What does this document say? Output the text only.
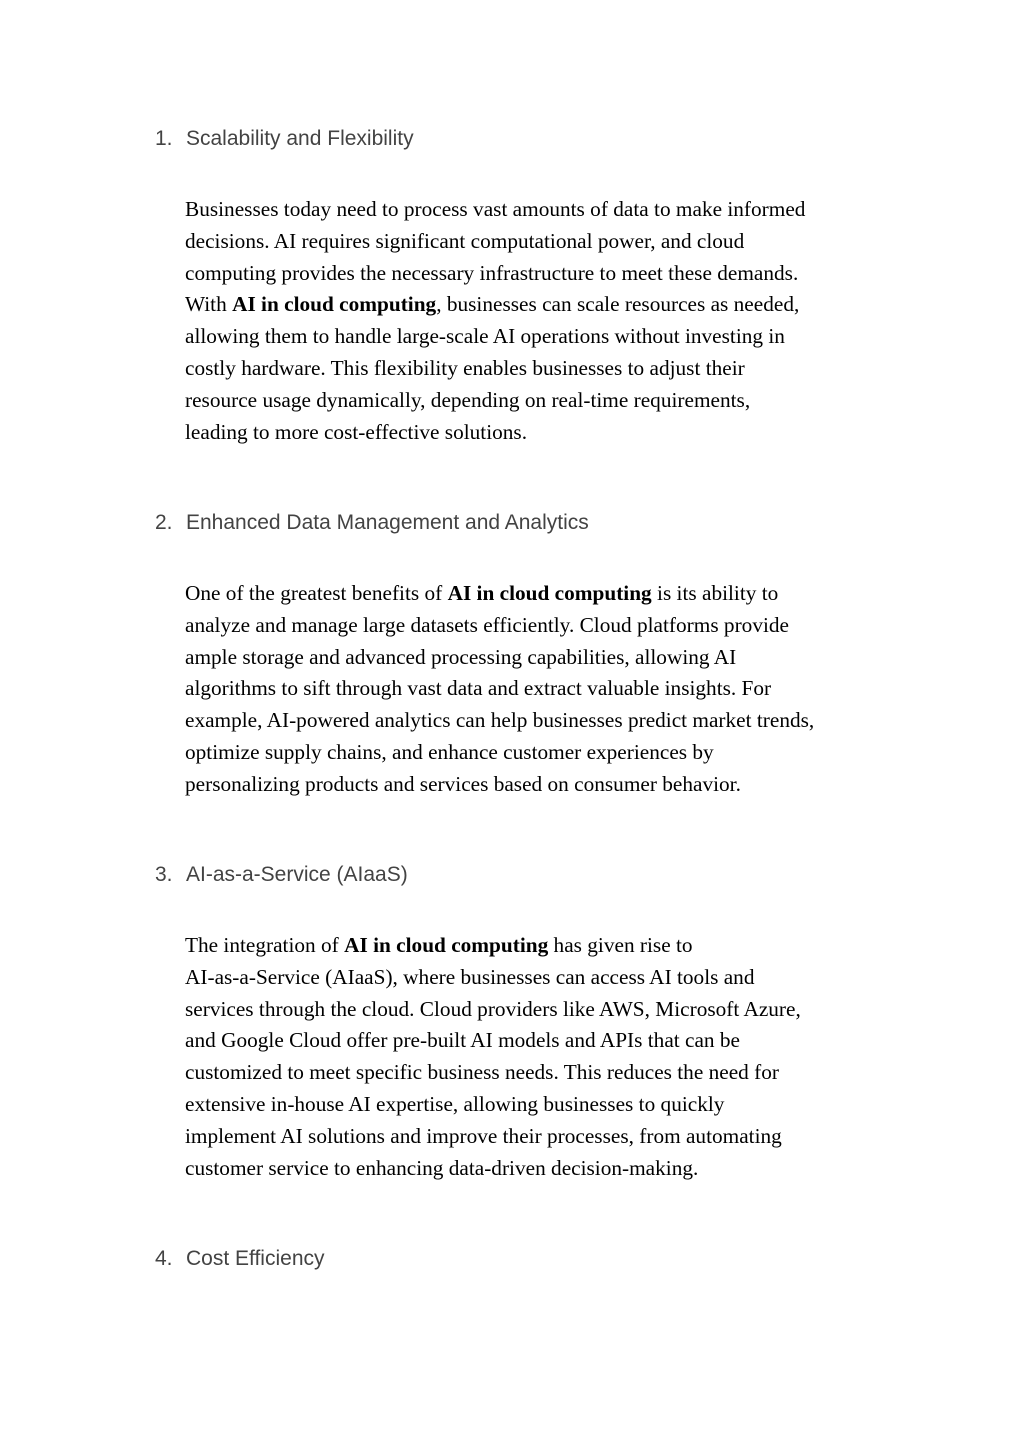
1. Scalability and Flexibility
Businesses today need to process vast amounts of data to make informed
decisions. AI requires significant computational power, and cloud
computing provides the necessary infrastructure to meet these demands.
With AI in cloud computing, businesses can scale resources as needed,
allowing them to handle large-scale AI operations without investing in
costly hardware. This flexibility enables businesses to adjust their
resource usage dynamically, depending on real-time requirements,
leading to more cost-effective solutions.
2. Enhanced Data Management and Analytics
One of the greatest benefits of AI in cloud computing is its ability to
analyze and manage large datasets efficiently. Cloud platforms provide
ample storage and advanced processing capabilities, allowing AI
algorithms to sift through vast data and extract valuable insights. For
example, AI-powered analytics can help businesses predict market trends,
optimize supply chains, and enhance customer experiences by
personalizing products and services based on consumer behavior.
3. AI-as-a-Service (AIaaS)
The integration of AI in cloud computing has given rise to
AI-as-a-Service (AIaaS), where businesses can access AI tools and
services through the cloud. Cloud providers like AWS, Microsoft Azure,
and Google Cloud offer pre-built AI models and APIs that can be
customized to meet specific business needs. This reduces the need for
extensive in-house AI expertise, allowing businesses to quickly
implement AI solutions and improve their processes, from automating
customer service to enhancing data-driven decision-making.
4. Cost Efficiency
